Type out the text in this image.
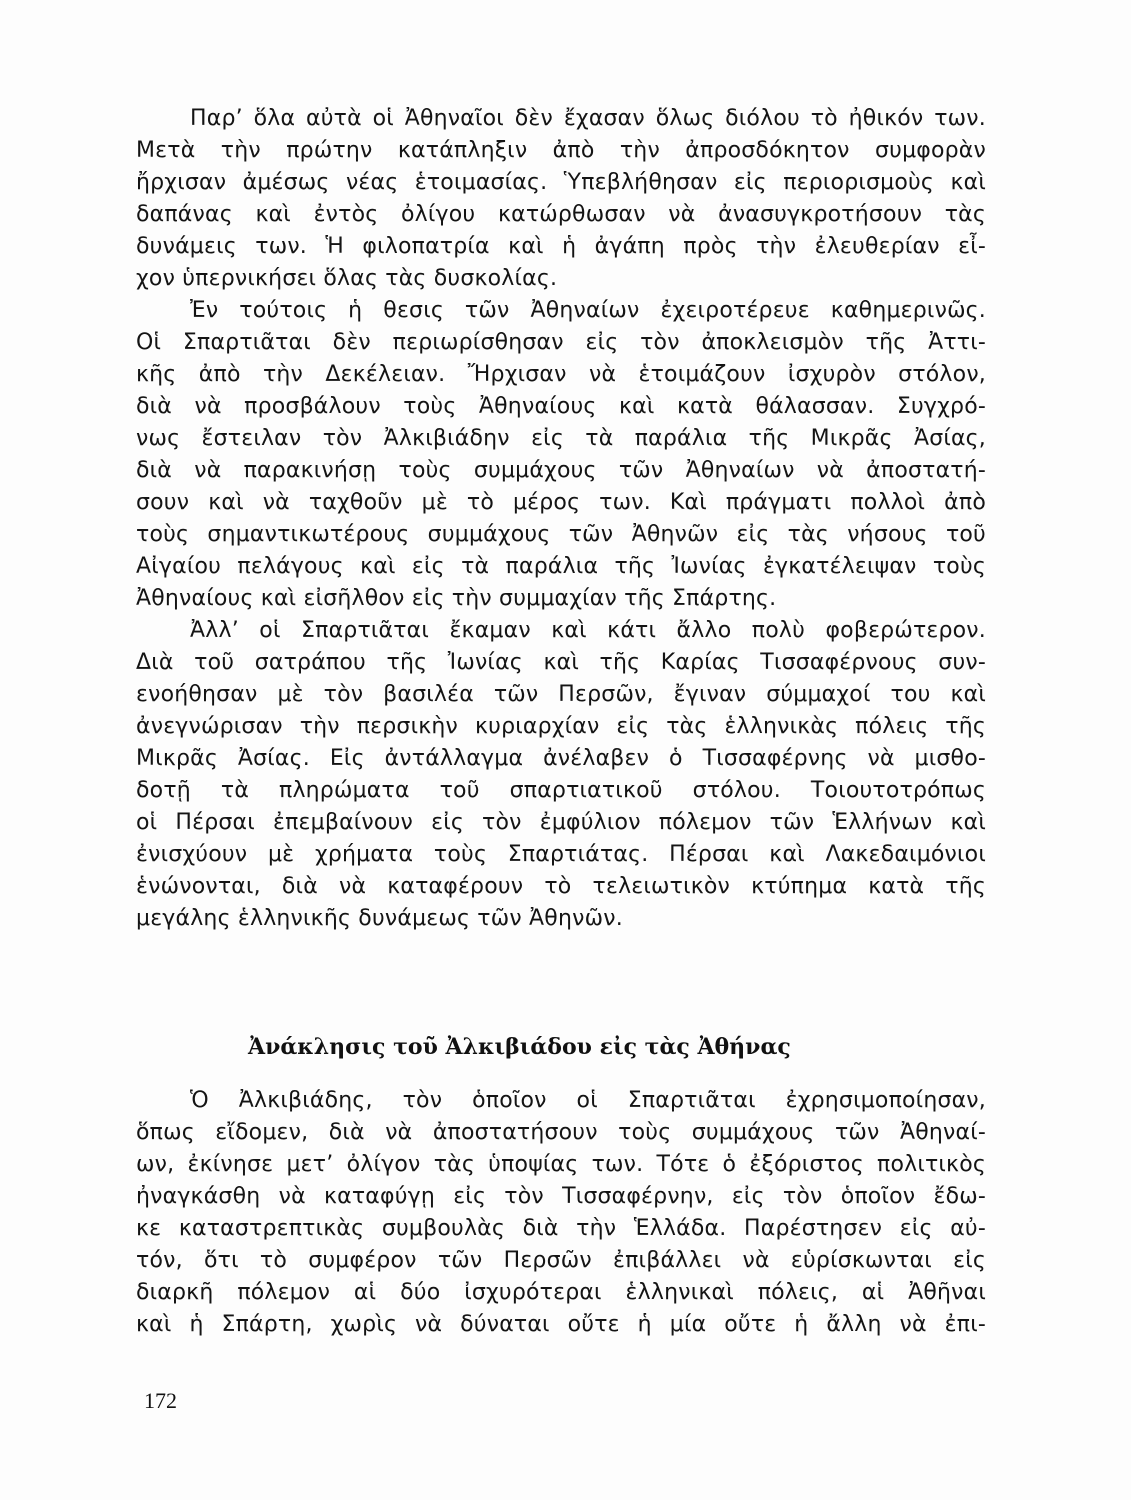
Παρ’ ὅλα αὐτὰ οἱ Ἀθηναῖοι δὲν ἔχασαν ὅλως διόλου τὸ ἠθικόν των.
Μετὰ τὴν πρώτην κατάπληξιν ἀπὸ τὴν ἀπροσδόκητον συμφορὰν
ἤρχισαν ἀμέσως νέας ἑτοιμασίας. Ὑπεβλήθησαν εἰς περιορισμοὺς καὶ
δαπάνας καὶ ἐντὸς ὀλίγου κατώρθωσαν νὰ ἀνασυγκροτήσουν τὰς
δυνάμεις των. Ἡ φιλοπατρία καὶ ἡ ἀγάπη πρὸς τὴν ἐλευθερίαν εἶ-
χον ὑπερνικήσει ὅλας τὰς δυσκολίας.
Ἐν τούτοις ἡ θεσις τῶν Ἀθηναίων ἐχειροτέρευε καθημερινῶς.
Οἱ Σπαρτιᾶται δὲν περιωρίσθησαν εἰς τὸν ἀποκλεισμὸν τῆς Ἀττι-
κῆς ἀπὸ τὴν Δεκέλειαν. Ἤρχισαν νὰ ἑτοιμάζουν ἰσχυρὸν στόλον,
διὰ νὰ προσβάλουν τοὺς Ἀθηναίους καὶ κατὰ θάλασσαν. Συγχρό-
νως ἔστειλαν τὸν Ἀλκιβιάδην εἰς τὰ παράλια τῆς Μικρᾶς Ἀσίας,
διὰ νὰ παρακινήσῃ τοὺς συμμάχους τῶν Ἀθηναίων νὰ ἀποστατή-
σουν καὶ νὰ ταχθοῦν μὲ τὸ μέρος των. Καὶ πράγματι πολλοὶ ἀπὸ
τοὺς σημαντικωτέρους συμμάχους τῶν Ἀθηνῶν εἰς τὰς νήσους τοῦ
Αἰγαίου πελάγους καὶ εἰς τὰ παράλια τῆς Ἰωνίας ἐγκατέλειψαν τοὺς
Ἀθηναίους καὶ εἰσῆλθον εἰς τὴν συμμαχίαν τῆς Σπάρτης.
Ἀλλ’ οἱ Σπαρτιᾶται ἔκαμαν καὶ κάτι ἄλλο πολὺ φοβερώτερον.
Διὰ τοῦ σατράπου τῆς Ἰωνίας καὶ τῆς Καρίας Τισσαφέρνους συν-
ενοήθησαν μὲ τὸν βασιλέα τῶν Περσῶν, ἔγιναν σύμμαχοί του καὶ
ἀνεγνώρισαν τὴν περσικὴν κυριαρχίαν εἰς τὰς ἑλληνικὰς πόλεις τῆς
Μικρᾶς Ἀσίας. Εἰς ἀντάλλαγμα ἀνέλαβεν ὁ Τισσαφέρνης νὰ μισθο-
δοτῇ τὰ πληρώματα τοῦ σπαρτιατικοῦ στόλου. Τοιουτοτρόπως
οἱ Πέρσαι ἐπεμβαίνουν εἰς τὸν ἐμφύλιον πόλεμον τῶν Ἑλλήνων καὶ
ἐνισχύουν μὲ χρήματα τοὺς Σπαρτιάτας. Πέρσαι καὶ Λακεδαιμόνιοι
ἑνώνονται, διὰ νὰ καταφέρουν τὸ τελειωτικὸν κτύπημα κατὰ τῆς
μεγάλης ἑλληνικῆς δυνάμεως τῶν Ἀθηνῶν.
Ἀνάκλησις τοῦ Ἀλκιβιάδου εἰς τὰς Ἀθήνας
Ὁ Ἀλκιβιάδης, τὸν ὁποῖον οἱ Σπαρτιᾶται ἐχρησιμοποίησαν,
ὅπως εἴδομεν, διὰ νὰ ἀποστατήσουν τοὺς συμμάχους τῶν Ἀθηναί-
ων, ἐκίνησε μετ’ ὀλίγον τὰς ὑποψίας των. Τότε ὁ ἐξόριστος πολιτικὸς
ἠναγκάσθη νὰ καταφύγῃ εἰς τὸν Τισσαφέρνην, εἰς τὸν ὁποῖον ἔδω-
κε καταστρεπτικὰς συμβουλὰς διὰ τὴν Ἑλλάδα. Παρέστησεν εἰς αὐ-
τόν, ὅτι τὸ συμφέρον τῶν Περσῶν ἐπιβάλλει νὰ εὑρίσκωνται εἰς
διαρκῆ πόλεμον αἱ δύο ἰσχυρότεραι ἑλληνικαὶ πόλεις, αἱ Ἀθῆναι
καὶ ἡ Σπάρτη, χωρὶς νὰ δύναται οὔτε ἡ μία οὔτε ἡ ἄλλη νὰ ἐπι-
172
